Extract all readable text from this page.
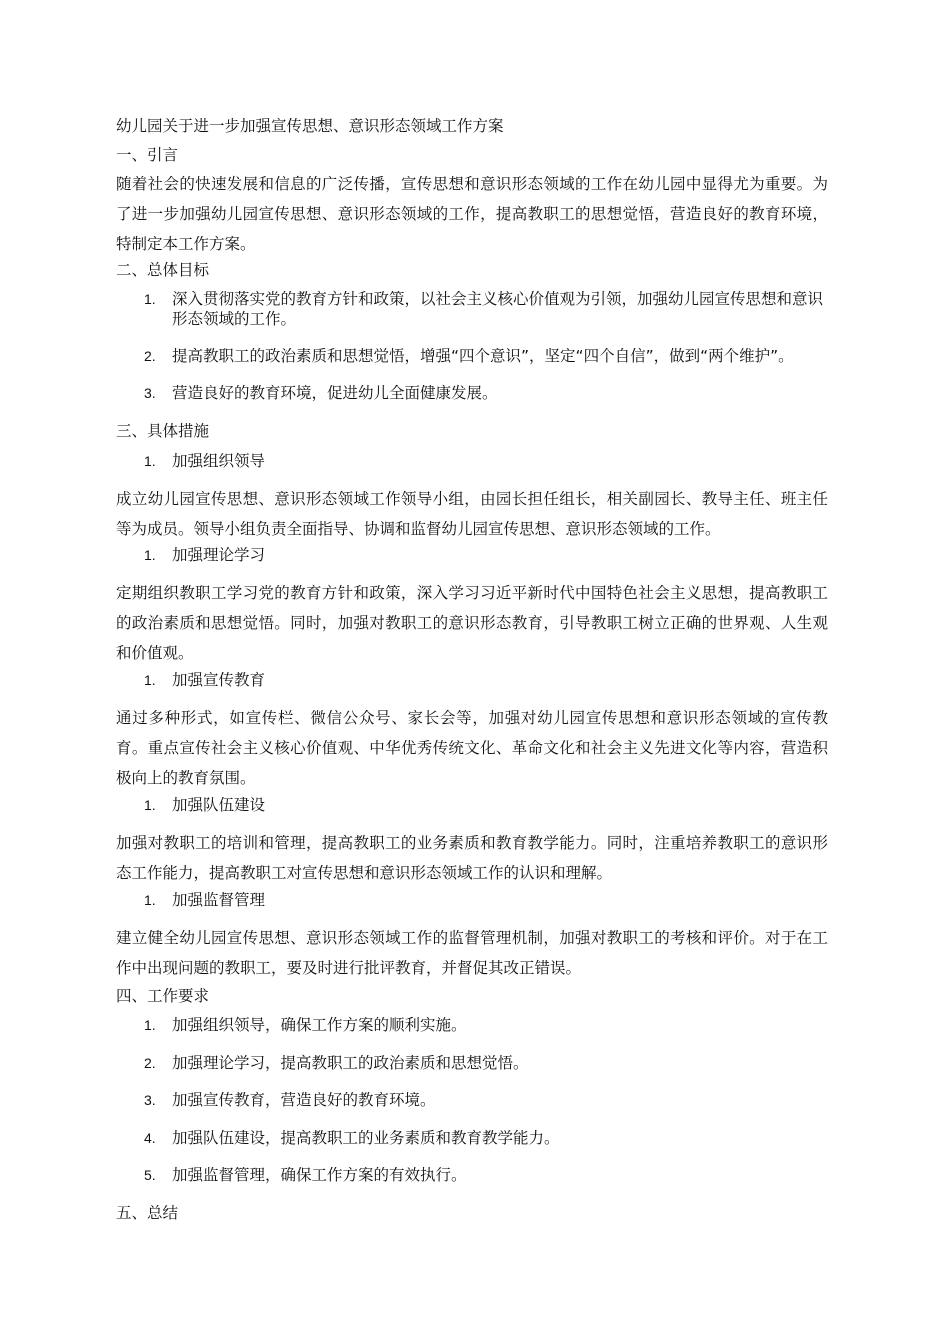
幼儿园关于进一步加强宣传思想、意识形态领域工作方案
一、引言
随着社会的快速发展和信息的广泛传播，宣传思想和意识形态领域的工作在幼儿园中显得尤为重要。为了进一步加强幼儿园宣传思想、意识形态领域的工作，提高教职工的思想觉悟，营造良好的教育环境，特制定本工作方案。
二、总体目标
1.	深入贯彻落实党的教育方针和政策，以社会主义核心价值观为引领，加强幼儿园宣传思想和意识形态领域的工作。
2. 提高教职工的政治素质和思想觉悟，增强“四个意识”，坚定“四个自信”，做到“两个维护”。
3. 营造良好的教育环境，促进幼儿全面健康发展。
三、具体措施
1. 加强组织领导
成立幼儿园宣传思想、意识形态领域工作领导小组，由园长担任组长，相关副园长、教导主任、班主任等为成员。领导小组负责全面指导、协调和监督幼儿园宣传思想、意识形态领域的工作。
1. 加强理论学习
定期组织教职工学习党的教育方针和政策，深入学习习近平新时代中国特色社会主义思想，提高教职工的政治素质和思想觉悟。同时，加强对教职工的意识形态教育，引导教职工树立正确的世界观、人生观和价值观。
1. 加强宣传教育
通过多种形式，如宣传栏、微信公众号、家长会等，加强对幼儿园宣传思想和意识形态领域的宣传教育。重点宣传社会主义核心价值观、中华优秀传统文化、革命文化和社会主义先进文化等内容，营造积极向上的教育氛围。
1. 加强队伍建设
加强对教职工的培训和管理，提高教职工的业务素质和教育教学能力。同时，注重培养教职工的意识形态工作能力，提高教职工对宣传思想和意识形态领域工作的认识和理解。
1. 加强监督管理
建立健全幼儿园宣传思想、意识形态领域工作的监督管理机制，加强对教职工的考核和评价。对于在工作中出现问题的教职工，要及时进行批评教育，并督促其改正错误。
四、工作要求
1. 加强组织领导，确保工作方案的顺利实施。
2. 加强理论学习，提高教职工的政治素质和思想觉悟。
3. 加强宣传教育，营造良好的教育环境。
4. 加强队伍建设，提高教职工的业务素质和教育教学能力。
5. 加强监督管理，确保工作方案的有效执行。
五、总结
